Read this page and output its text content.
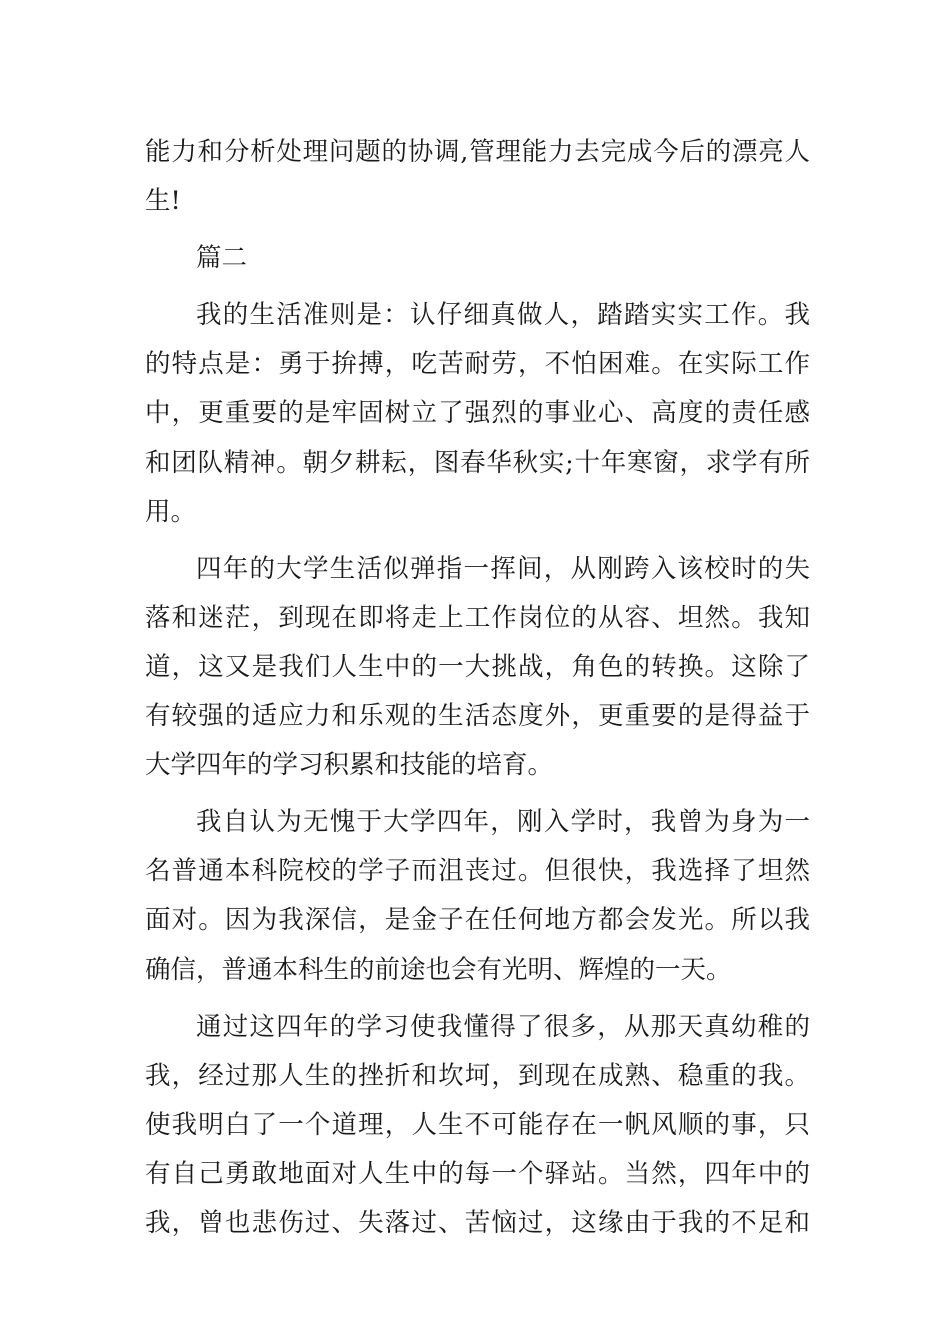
能力和分析处理问题的协调,管理能力去完成今后的漂亮人
生!
篇二
我的生活准则是：认仔细真做人，踏踏实实工作。我
的特点是：勇于拚搏，吃苦耐劳，不怕困难。在实际工作
中，更重要的是牢固树立了强烈的事业心、高度的责任感
和团队精神。朝夕耕耘，图春华秋实;十年寒窗，求学有所
用。
四年的大学生活似弹指一挥间，从刚跨入该校时的失
落和迷茫，到现在即将走上工作岗位的从容、坦然。我知
道，这又是我们人生中的一大挑战，角色的转换。这除了
有较强的适应力和乐观的生活态度外，更重要的是得益于
大学四年的学习积累和技能的培育。
我自认为无愧于大学四年，刚入学时，我曾为身为一
名普通本科院校的学子而沮丧过。但很快，我选择了坦然
面对。因为我深信，是金子在任何地方都会发光。所以我
确信，普通本科生的前途也会有光明、辉煌的一天。
通过这四年的学习使我懂得了很多，从那天真幼稚的
我，经过那人生的挫折和坎坷，到现在成熟、稳重的我。
使我明白了一个道理，人生不可能存在一帆风顺的事，只
有自己勇敢地面对人生中的每一个驿站。当然，四年中的
我，曾也悲伤过、失落过、苦恼过，这缘由于我的不足和
